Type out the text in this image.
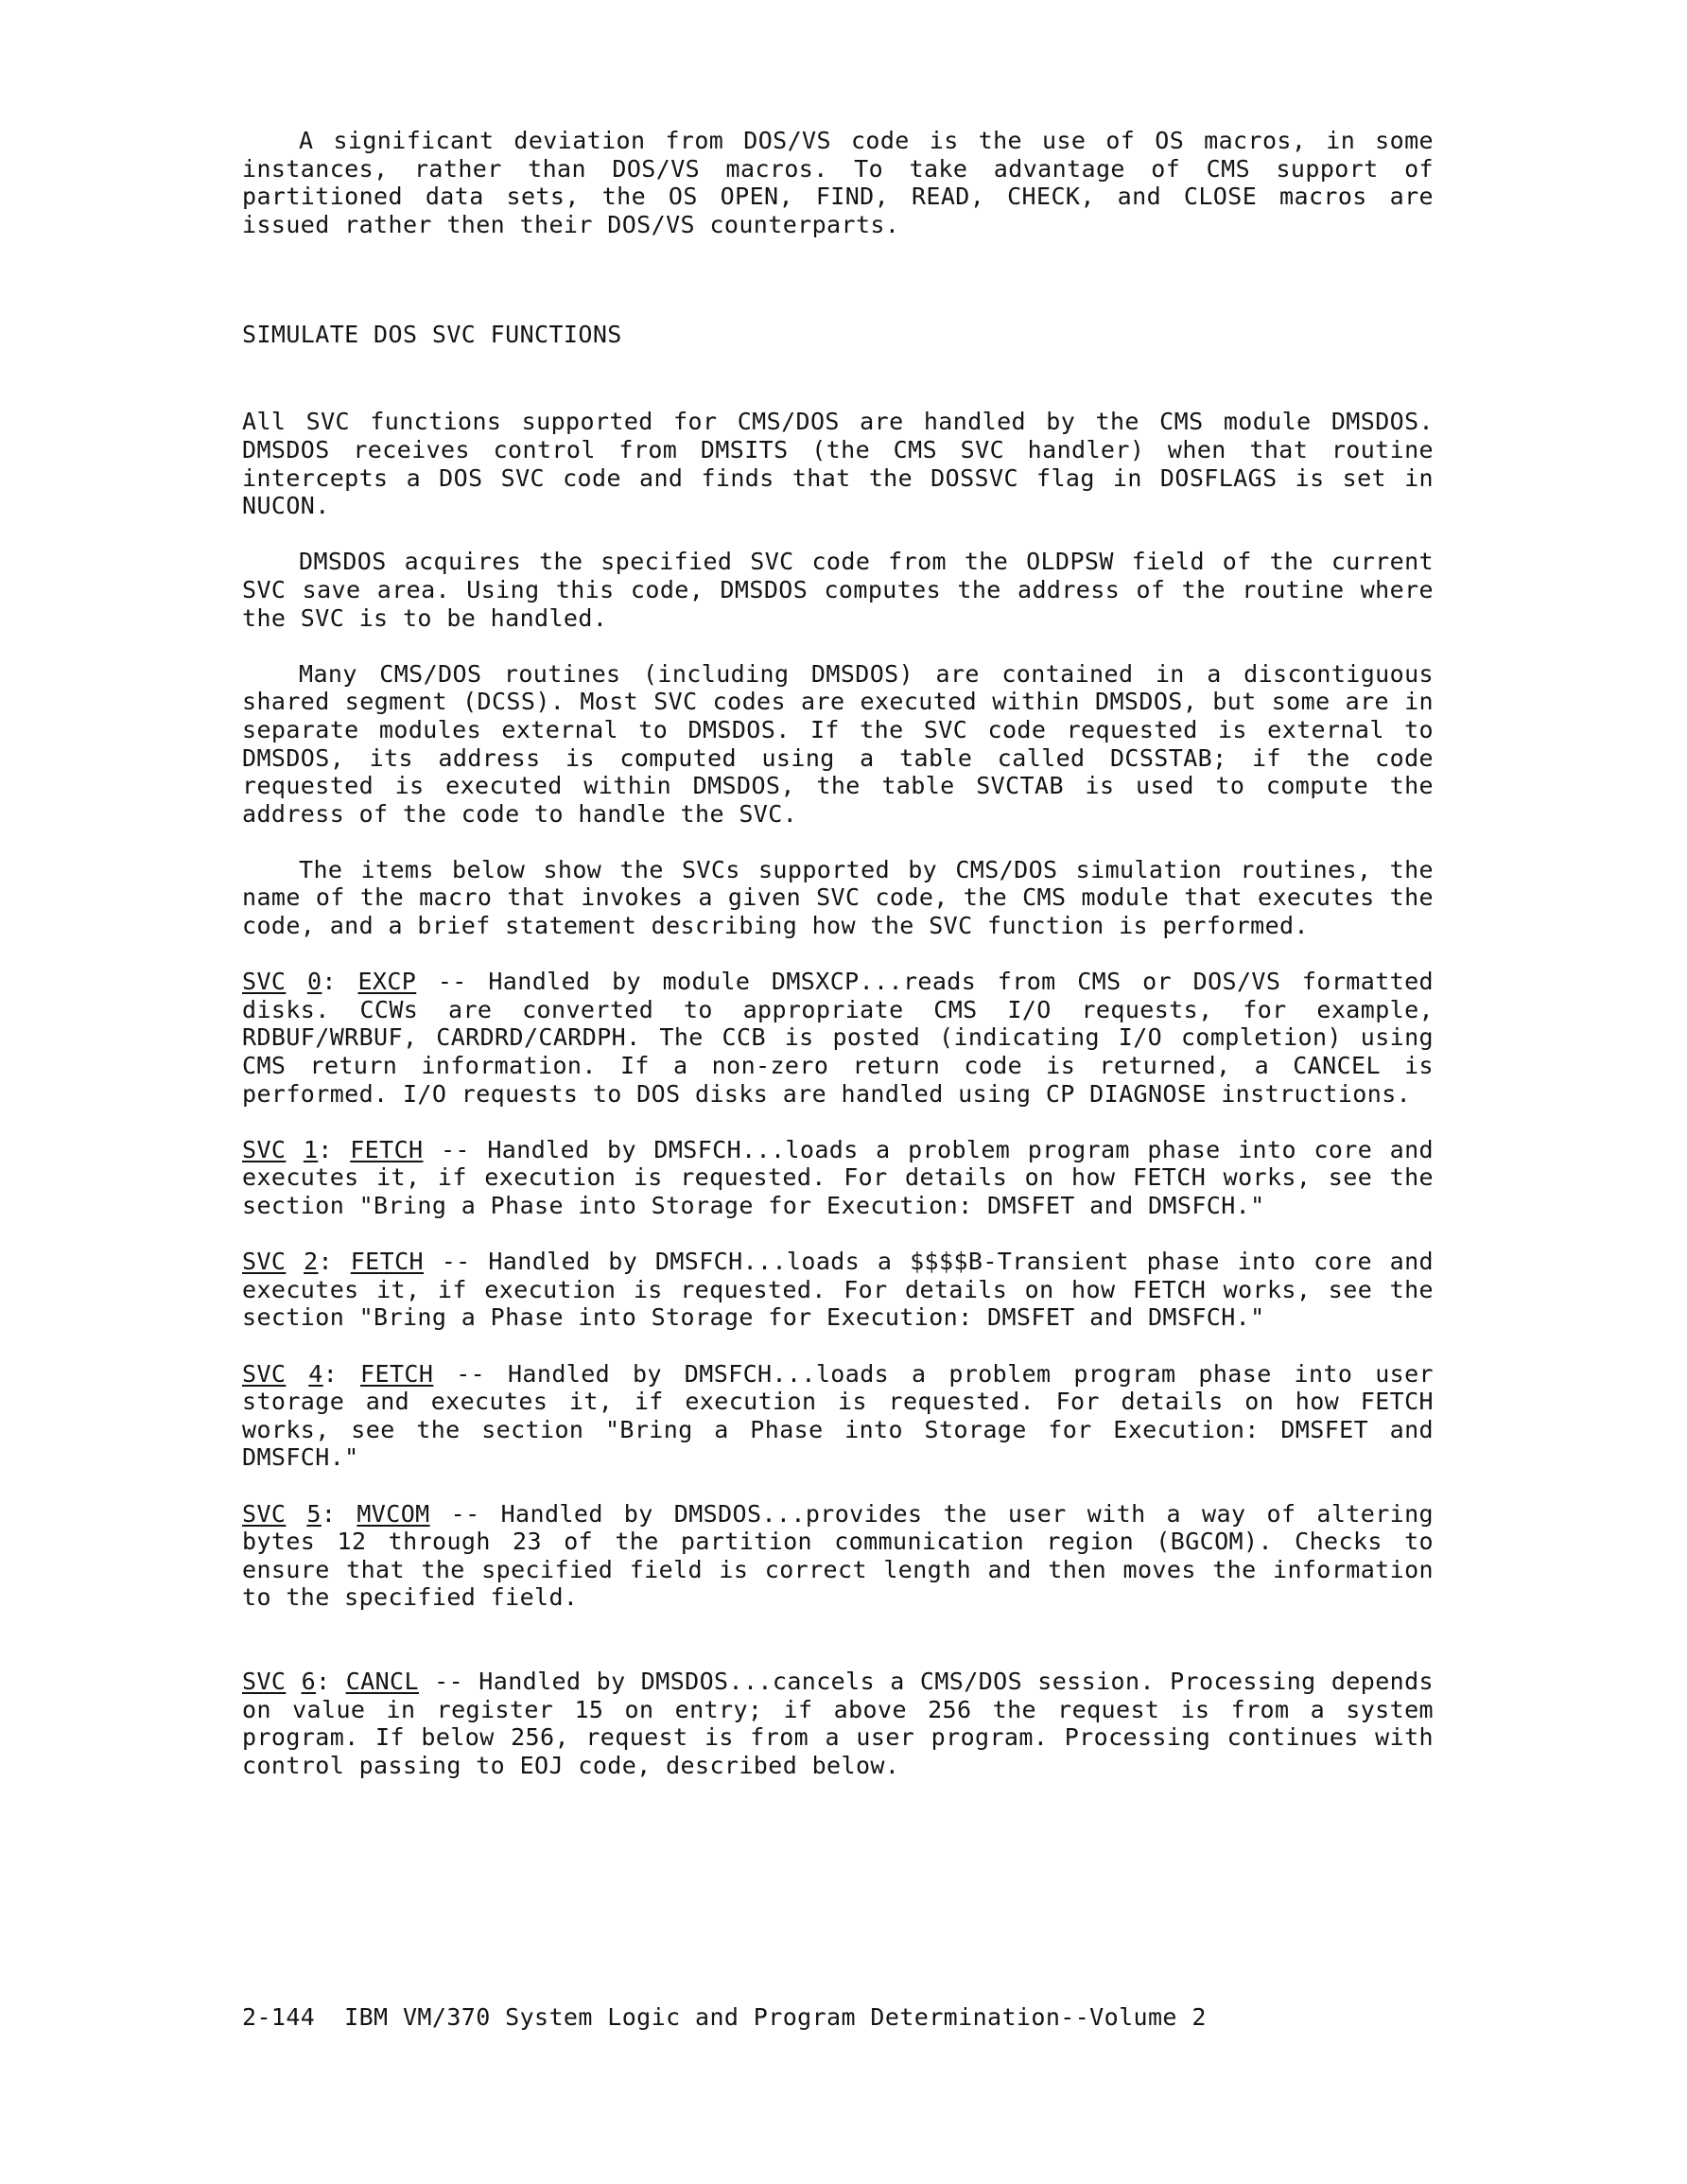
A significant deviation from DOS/VS code is the use of OS macros, in some instances, rather than DOS/VS macros. To take advantage of CMS support of partitioned data sets, the OS OPEN, FIND, READ, CHECK, and CLOSE macros are issued rather then their DOS/VS counterparts.

SIMULATE DOS SVC FUNCTIONS

All SVC functions supported for CMS/DOS are handled by the CMS module DMSDOS. DMSDOS receives control from DMSITS (the CMS SVC handler) when that routine intercepts a DOS SVC code and finds that the DOSSVC flag in DOSFLAGS is set in NUCON.

DMSDOS acquires the specified SVC code from the OLDPSW field of the current SVC save area. Using this code, DMSDOS computes the address of the routine where the SVC is to be handled.

Many CMS/DOS routines (including DMSDOS) are contained in a discontiguous shared segment (DCSS). Most SVC codes are executed within DMSDOS, but some are in separate modules external to DMSDOS. If the SVC code requested is external to DMSDOS, its address is computed using a table called DCSSTAB; if the code requested is executed within DMSDOS, the table SVCTAB is used to compute the address of the code to handle the SVC.

The items below show the SVCs supported by CMS/DOS simulation routines, the name of the macro that invokes a given SVC code, the CMS module that executes the code, and a brief statement describing how the SVC function is performed.

SVC 0: EXCP -- Handled by module DMSXCP...reads from CMS or DOS/VS formatted disks. CCWs are converted to appropriate CMS I/O requests, for example, RDBUF/WRBUF, CARDRD/CARDPH. The CCB is posted (indicating I/O completion) using CMS return information. If a non-zero return code is returned, a CANCEL is performed. I/O requests to DOS disks are handled using CP DIAGNOSE instructions.

SVC 1: FETCH -- Handled by DMSFCH...loads a problem program phase into core and executes it, if execution is requested. For details on how FETCH works, see the section "Bring a Phase into Storage for Execution: DMSFET and DMSFCH."

SVC 2: FETCH -- Handled by DMSFCH...loads a $$$$B-Transient phase into core and executes it, if execution is requested. For details on how FETCH works, see the section "Bring a Phase into Storage for Execution: DMSFET and DMSFCH."

SVC 4: FETCH -- Handled by DMSFCH...loads a problem program phase into user storage and executes it, if execution is requested. For details on how FETCH works, see the section "Bring a Phase into Storage for Execution: DMSFET and DMSFCH."

SVC 5: MVCOM -- Handled by DMSDOS...provides the user with a way of altering bytes 12 through 23 of the partition communication region (BGCOM). Checks to ensure that the specified field is correct length and then moves the information to the specified field.

SVC 6: CANCL -- Handled by DMSDOS...cancels a CMS/DOS session. Processing depends on value in register 15 on entry; if above 256 the request is from a system program. If below 256, request is from a user program. Processing continues with control passing to EOJ code, described below.

2-144  IBM VM/370 System Logic and Program Determination--Volume 2
